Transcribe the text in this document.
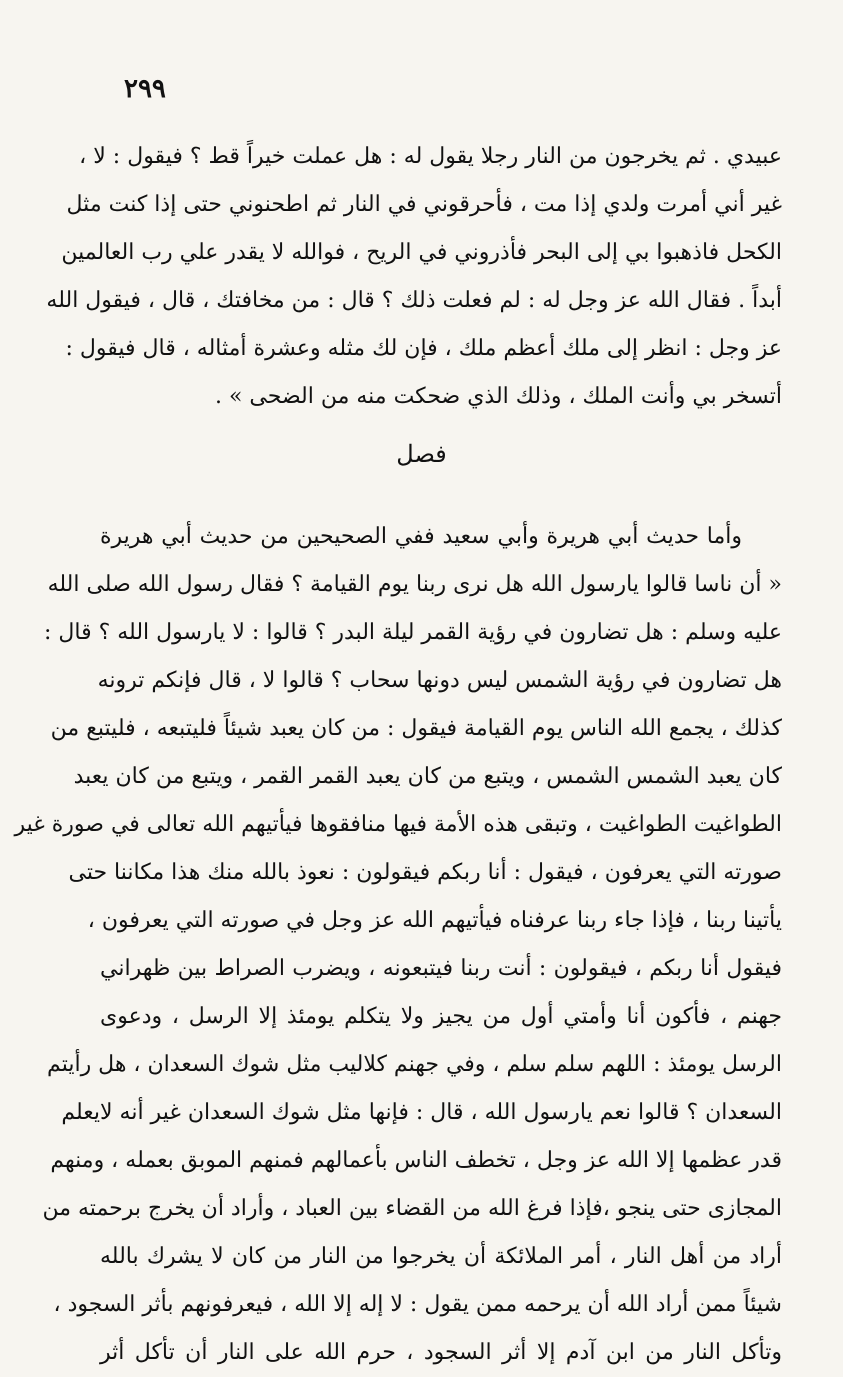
٢٩٩
عبيدي . ثم يخرجون من النار رجلا يقول له : هل عملت خيراً قط ؟ فيقول : لا ،
غير أني أمرت ولدي إذا مت ، فأحرقوني في النار ثم اطحنوني حتى إذا كنت مثل
الكحل فاذهبوا بي إلى البحر فأذروني في الريح ، فوالله لا يقدر علي رب العالمين
أبداً . فقال الله عز وجل له : لم فعلت ذلك ؟ قال : من مخافتك ، قال ، فيقول الله
عز وجل : انظر إلى ملك أعظم ملك ، فإن لك مثله وعشرة أمثاله ، قال فيقول :
أتسخر بي وأنت الملك ، وذلك الذي ضحكت منه من الضحى » .
فصل
وأما حديث أبي هريرة وأبي سعيد ففي الصحيحين من حديث أبي هريرة
« أن ناسا قالوا يارسول الله هل نرى ربنا يوم القيامة ؟ فقال رسول الله صلى الله
عليه وسلم : هل تضارون في رؤية القمر ليلة البدر ؟ قالوا : لا يارسول الله ؟ قال :
هل تضارون في رؤية الشمس ليس دونها سحاب ؟ قالوا لا ، قال فإنكم ترونه
كذلك ، يجمع الله الناس يوم القيامة فيقول : من كان يعبد شيئاً فليتبعه ، فليتبع من
كان يعبد الشمس الشمس ، ويتبع من كان يعبد القمر القمر ، ويتبع من كان يعبد
الطواغيت الطواغيت ، وتبقى هذه الأمة فيها منافقوها فيأتيهم الله تعالى في صورة غير
صورته التي يعرفون ، فيقول : أنا ربكم فيقولون : نعوذ بالله منك هذا مكاننا حتى
يأتينا ربنا ، فإذا جاء ربنا عرفناه فيأتيهم الله عز وجل في صورته التي يعرفون ،
فيقول أنا ربكم ، فيقولون : أنت ربنا فيتبعونه ، ويضرب الصراط بين ظهراني
جهنم ، فأكون أنا وأمتي أول من يجيز ولا يتكلم يومئذ إلا الرسل ، ودعوى
الرسل يومئذ : اللهم سلم سلم ، وفي جهنم كلاليب مثل شوك السعدان ، هل رأيتم
السعدان ؟ قالوا نعم يارسول الله ، قال : فإنها مثل شوك السعدان غير أنه لايعلم
قدر عظمها إلا الله عز وجل ، تخطف الناس بأعمالهم فمنهم الموبق بعمله ، ومنهم
المجازى حتى ينجو ،فإذا فرغ الله من القضاء بين العباد ، وأراد أن يخرج برحمته من
أراد من أهل النار ، أمر الملائكة أن يخرجوا من النار من كان لا يشرك بالله
شيئاً ممن أراد الله أن يرحمه ممن يقول : لا إله إلا الله ، فيعرفونهم بأثر السجود ،
وتأكل النار من ابن آدم إلا أثر السجود ، حرم الله على النار أن تأكل أثر
